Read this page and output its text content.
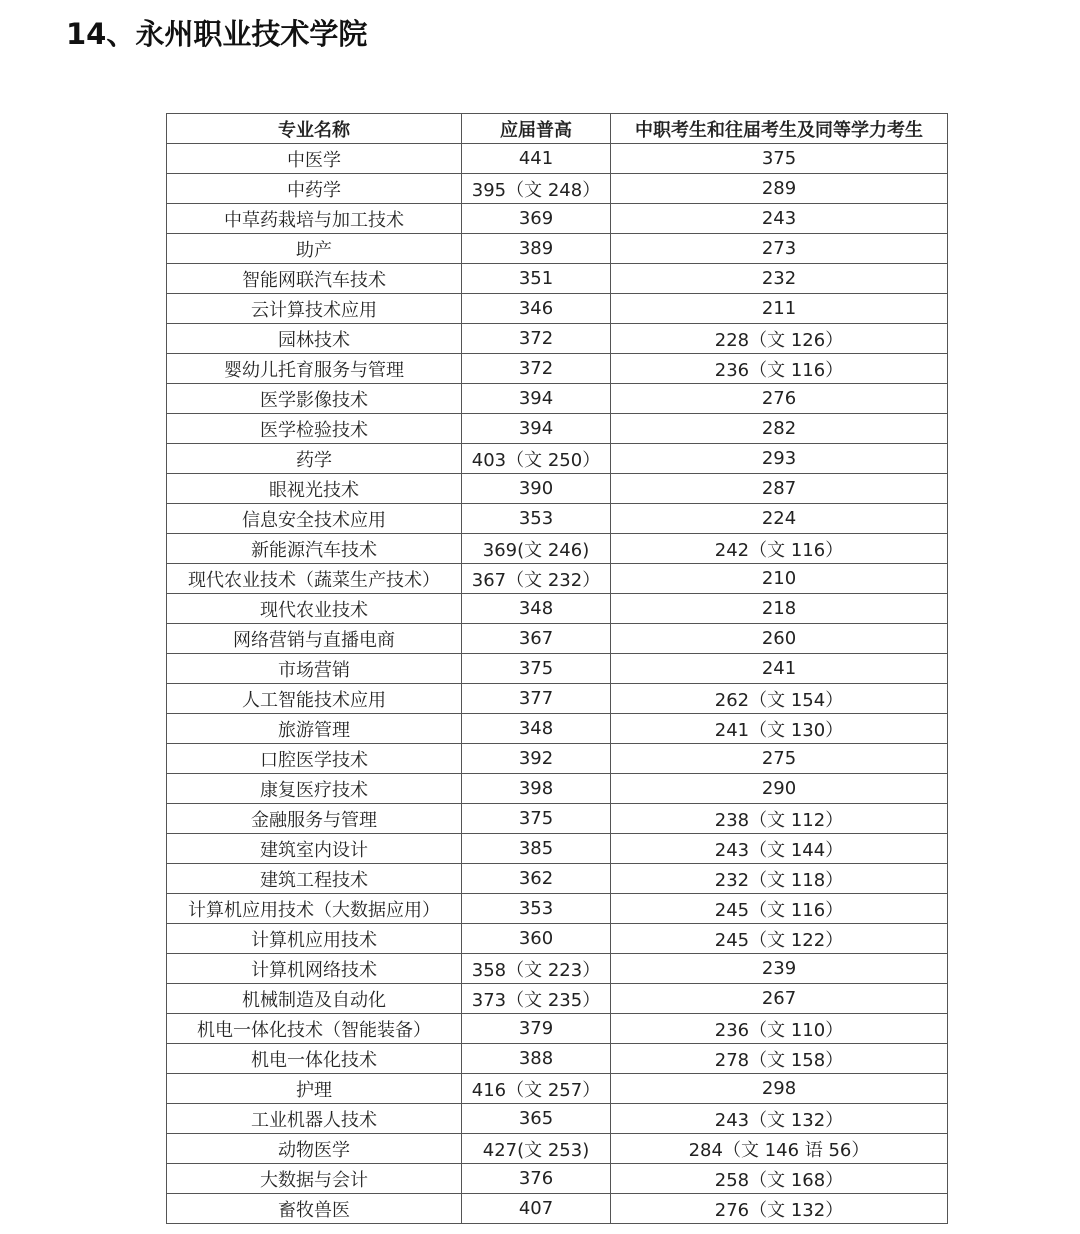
14、永州职业技术学院
专业名称	应届普高	中职考生和往届考生及同等学力考生
中医学	441	375
中药学	395（文 248）	289
中草药栽培与加工技术	369	243
助产	389	273
智能网联汽车技术	351	232
云计算技术应用	346	211
园林技术	372	228（文 126）
婴幼儿托育服务与管理	372	236（文 116）
医学影像技术	394	276
医学检验技术	394	282
药学	403（文 250）	293
眼视光技术	390	287
信息安全技术应用	353	224
新能源汽车技术	369(文 246)	242（文 116）
现代农业技术（蔬菜生产技术）	367（文 232）	210
现代农业技术	348	218
网络营销与直播电商	367	260
市场营销	375	241
人工智能技术应用	377	262（文 154）
旅游管理	348	241（文 130）
口腔医学技术	392	275
康复医疗技术	398	290
金融服务与管理	375	238（文 112）
建筑室内设计	385	243（文 144）
建筑工程技术	362	232（文 118）
计算机应用技术（大数据应用）	353	245（文 116）
计算机应用技术	360	245（文 122）
计算机网络技术	358（文 223）	239
机械制造及自动化	373（文 235）	267
机电一体化技术（智能装备）	379	236（文 110）
机电一体化技术	388	278（文 158）
护理	416（文 257）	298
工业机器人技术	365	243（文 132）
动物医学	427(文 253)	284（文 146 语 56）
大数据与会计	376	258（文 168）
畜牧兽医	407	276（文 132）
